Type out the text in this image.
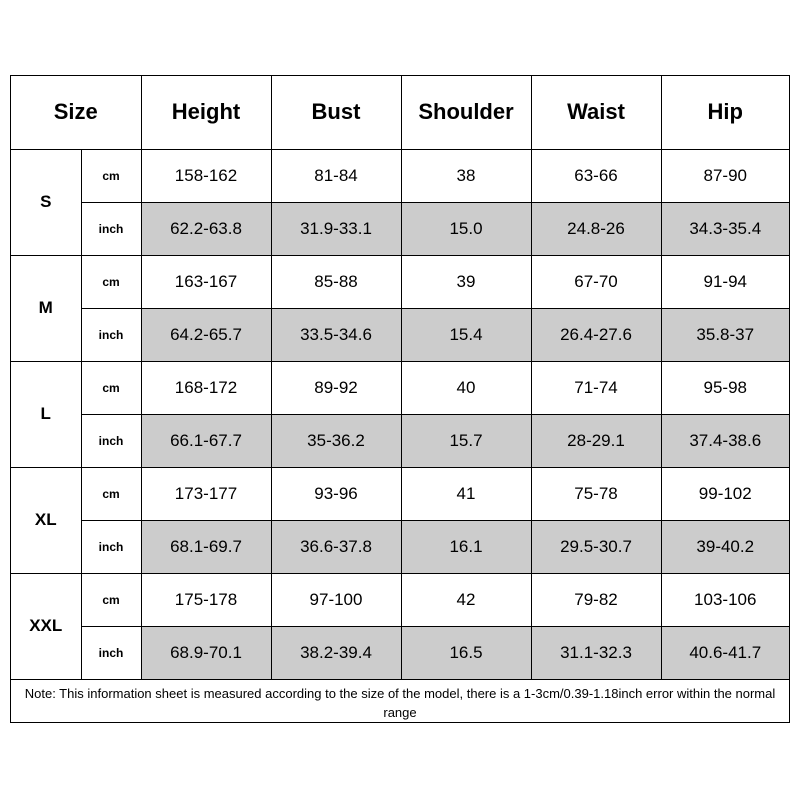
Size		Height	Bust	Shoulder	Waist	Hip
S	cm	158-162	81-84	38	63-66	87-90
	inch	62.2-63.8	31.9-33.1	15.0	24.8-26	34.3-35.4
M	cm	163-167	85-88	39	67-70	91-94
	inch	64.2-65.7	33.5-34.6	15.4	26.4-27.6	35.8-37
L	cm	168-172	89-92	40	71-74	95-98
	inch	66.1-67.7	35-36.2	15.7	28-29.1	37.4-38.6
XL	cm	173-177	93-96	41	75-78	99-102
	inch	68.1-69.7	36.6-37.8	16.1	29.5-30.7	39-40.2
XXL	cm	175-178	97-100	42	79-82	103-106
	inch	68.9-70.1	38.2-39.4	16.5	31.1-32.3	40.6-41.7
Note: This information sheet is measured according to the size of the model, there is a 1-3cm/0.39-1.18inch error within the normal range
